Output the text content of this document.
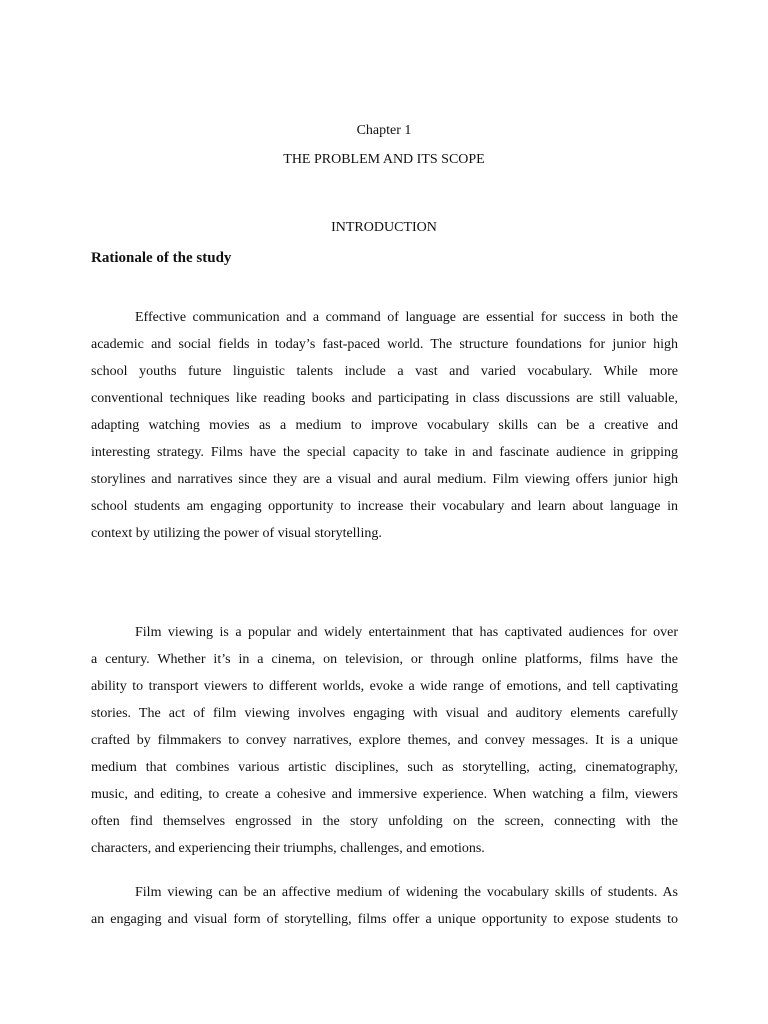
Chapter 1
THE PROBLEM AND ITS SCOPE
INTRODUCTION
Rationale of the study

Effective communication and a command of language are essential for success in both the
academic and social fields in today’s fast-paced world. The structure foundations for junior high
school youths future linguistic talents include a vast and varied vocabulary. While more
conventional techniques like reading books and participating in class discussions are still valuable,
adapting watching movies as a medium to improve vocabulary skills can be a creative and
interesting strategy. Films have the special capacity to take in and fascinate audience in gripping
storylines and narratives since they are a visual and aural medium. Film viewing offers junior high
school students am engaging opportunity to increase their vocabulary and learn about language in
context by utilizing the power of visual storytelling.

Film viewing is a popular and widely entertainment that has captivated audiences for over
a century. Whether it’s in a cinema, on television, or through online platforms, films have the
ability to transport viewers to different worlds, evoke a wide range of emotions, and tell captivating
stories. The act of film viewing involves engaging with visual and auditory elements carefully
crafted by filmmakers to convey narratives, explore themes, and convey messages. It is a unique
medium that combines various artistic disciplines, such as storytelling, acting, cinematography,
music, and editing, to create a cohesive and immersive experience. When watching a film, viewers
often find themselves engrossed in the story unfolding on the screen, connecting with the
characters, and experiencing their triumphs, challenges, and emotions.

Film viewing can be an affective medium of widening the vocabulary skills of students. As
an engaging and visual form of storytelling, films offer a unique opportunity to expose students to
